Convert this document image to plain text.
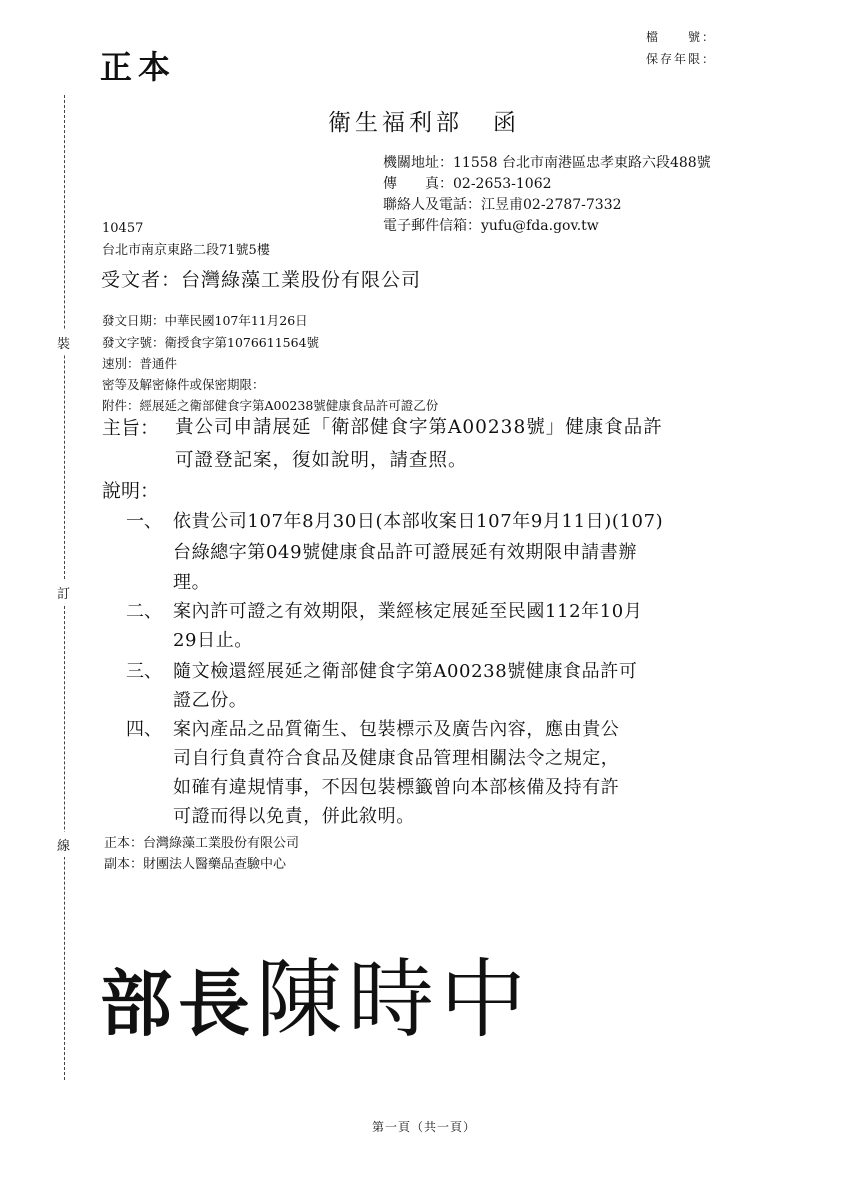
裝
訂
線
正本
檔　　號：
保存年限：
衛生福利部 函
機關地址：11558 台北市南港區忠孝東路六段488號
傳　　真：02-2653-1062
聯絡人及電話：江昱甫02-2787-7332
電子郵件信箱：yufu@fda.gov.tw
10457
台北市南京東路二段71號5樓
受文者：台灣綠藻工業股份有限公司
發文日期：中華民國107年11月26日
發文字號：衛授食字第1076611564號
速別：普通件
密等及解密條件或保密期限：
附件：經展延之衛部健食字第A00238號健康食品許可證乙份
主旨： 貴公司申請展延「衛部健食字第A00238號」健康食品許
可證登記案，復如說明，請查照。
說明：
一、 依貴公司107年8月30日(本部收案日107年9月11日)(107)
台綠總字第049號健康食品許可證展延有效期限申請書辦
理。
二、 案內許可證之有效期限，業經核定展延至民國112年10月
29日止。
三、 隨文檢還經展延之衛部健食字第A00238號健康食品許可
證乙份。
四、 案內產品之品質衛生、包裝標示及廣告內容，應由貴公
司自行負責符合食品及健康食品管理相關法令之規定，
如確有違規情事，不因包裝標籤曾向本部核備及持有許
可證而得以免責，併此敘明。
正本：台灣綠藻工業股份有限公司
副本：財團法人醫藥品查驗中心
部長陳時中
第一頁（共一頁）
